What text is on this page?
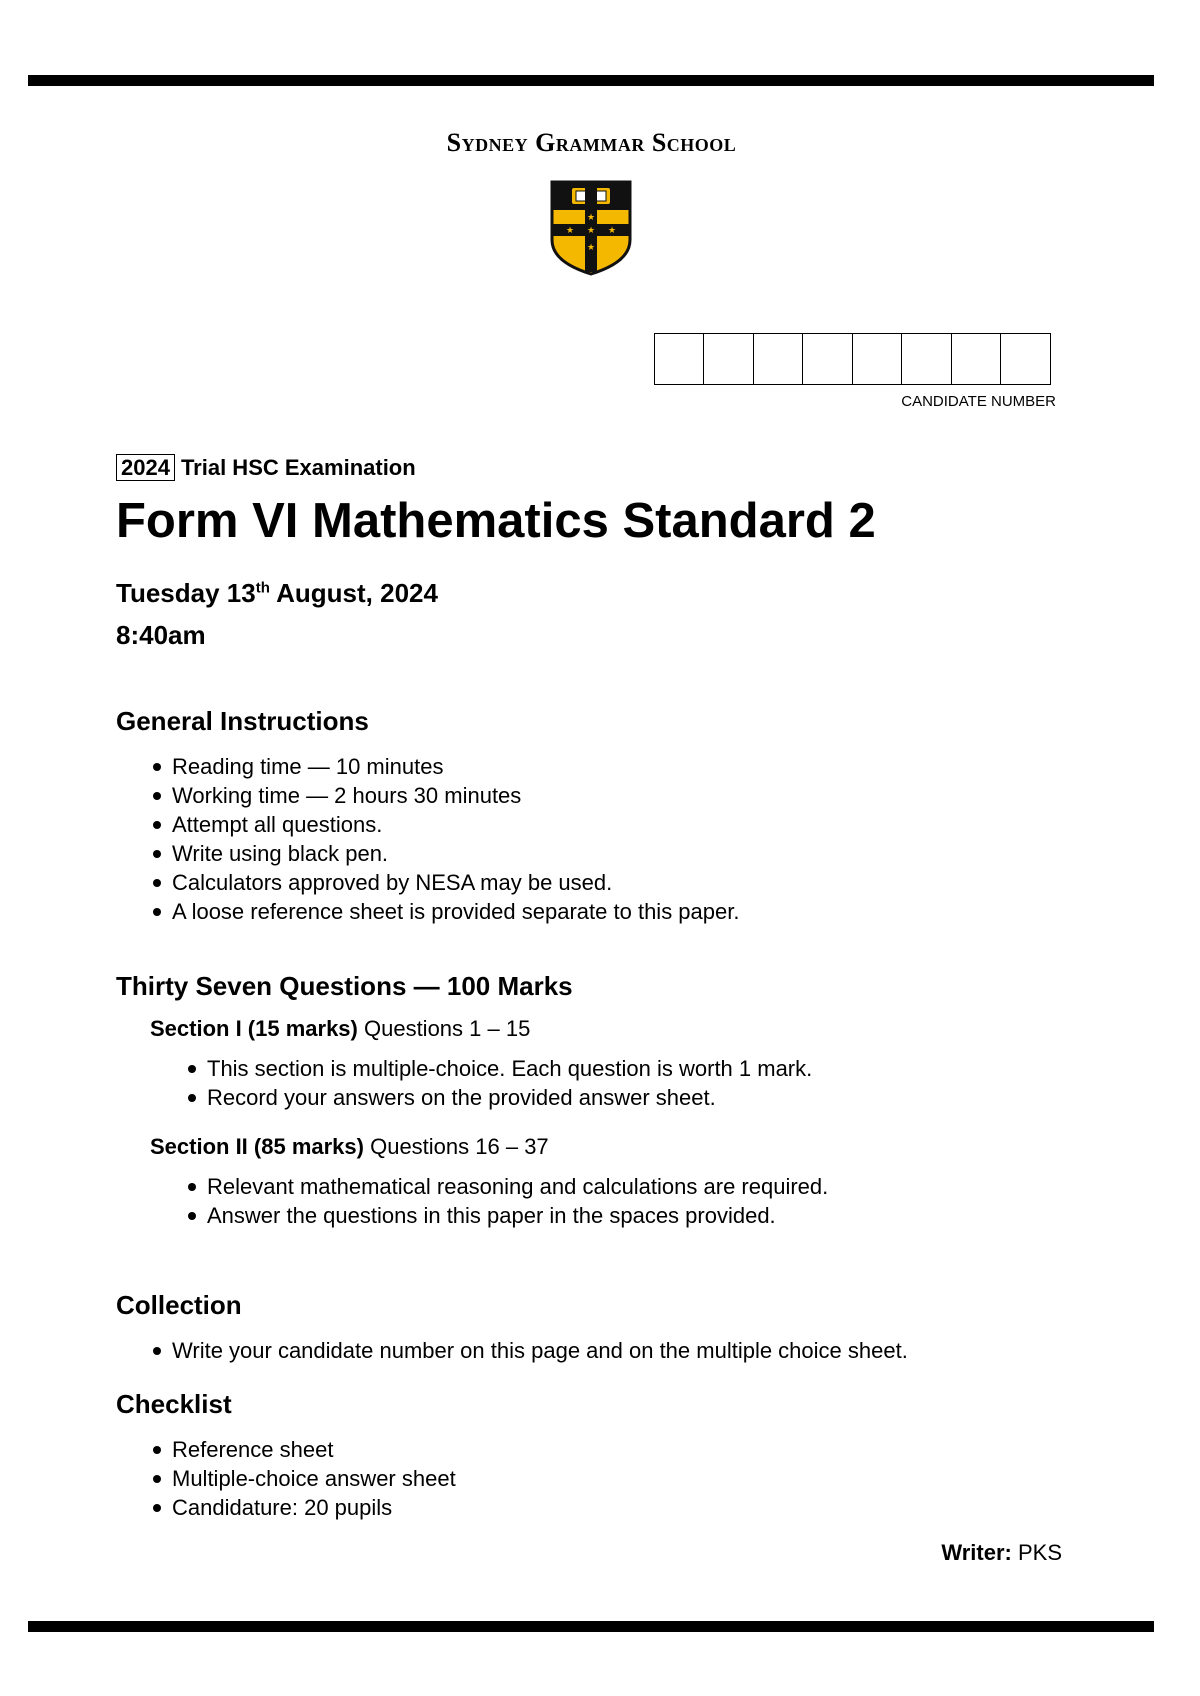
Sydney Grammar School
★
★ ★ ★
★
CANDIDATE NUMBER
2024 Trial HSC Examination
Form VI Mathematics Standard 2
Tuesday 13th August, 2024
8:40am
General Instructions
Reading time — 10 minutes
Working time — 2 hours 30 minutes
Attempt all questions.
Write using black pen.
Calculators approved by NESA may be used.
A loose reference sheet is provided separate to this paper.
Thirty Seven Questions — 100 Marks
Section I (15 marks) Questions 1 – 15
This section is multiple-choice. Each question is worth 1 mark.
Record your answers on the provided answer sheet.
Section II (85 marks) Questions 16 – 37
Relevant mathematical reasoning and calculations are required.
Answer the questions in this paper in the spaces provided.
Collection
Write your candidate number on this page and on the multiple choice sheet.
Checklist
Reference sheet
Multiple-choice answer sheet
Candidature: 20 pupils
Writer: PKS
